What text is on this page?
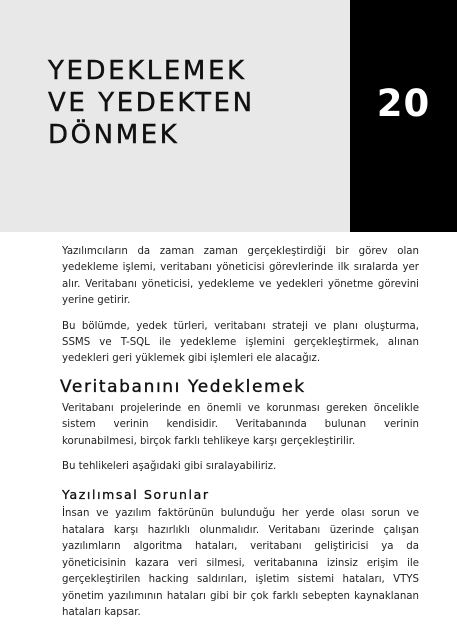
YEDEKLEMEK
VE YEDEKTEN
DÖNMEK
20

Yazılımcıların da zaman zaman gerçekleştirdiği bir görev olan yedekleme işlemi, veritabanı yöneticisi görevlerinde ilk sıralarda yer alır. Veritabanı yöneticisi, yedekleme ve yedekleri yönetme görevini yerine getirir.

Bu bölümde, yedek türleri, veritabanı strateji ve planı oluşturma, SSMS ve T-SQL ile yedekleme işlemini gerçekleştirmek, alınan yedekleri geri yüklemek gibi işlemleri ele alacağız.

Veritabanını Yedeklemek

Veritabanı projelerinde en önemli ve korunması gereken öncelikle sistem verinin kendisidir. Veritabanında bulunan verinin korunabilmesi, birçok farklı tehlikeye karşı gerçekleştirilir.

Bu tehlikeleri aşağıdaki gibi sıralayabiliriz.

Yazılımsal Sorunlar

İnsan ve yazılım faktörünün bulunduğu her yerde olası sorun ve hatalara karşı hazırlıklı olunmalıdır. Veritabanı üzerinde çalışan yazılımların algoritma hataları, veritabanı geliştiricisi ya da yöneticisinin kazara veri silmesi, veritabanına izinsiz erişim ile gerçekleştirilen hacking saldırıları, işletim sistemi hataları, VTYS yönetim yazılımının hataları gibi bir çok farklı sebepten kaynaklanan hataları kapsar.
